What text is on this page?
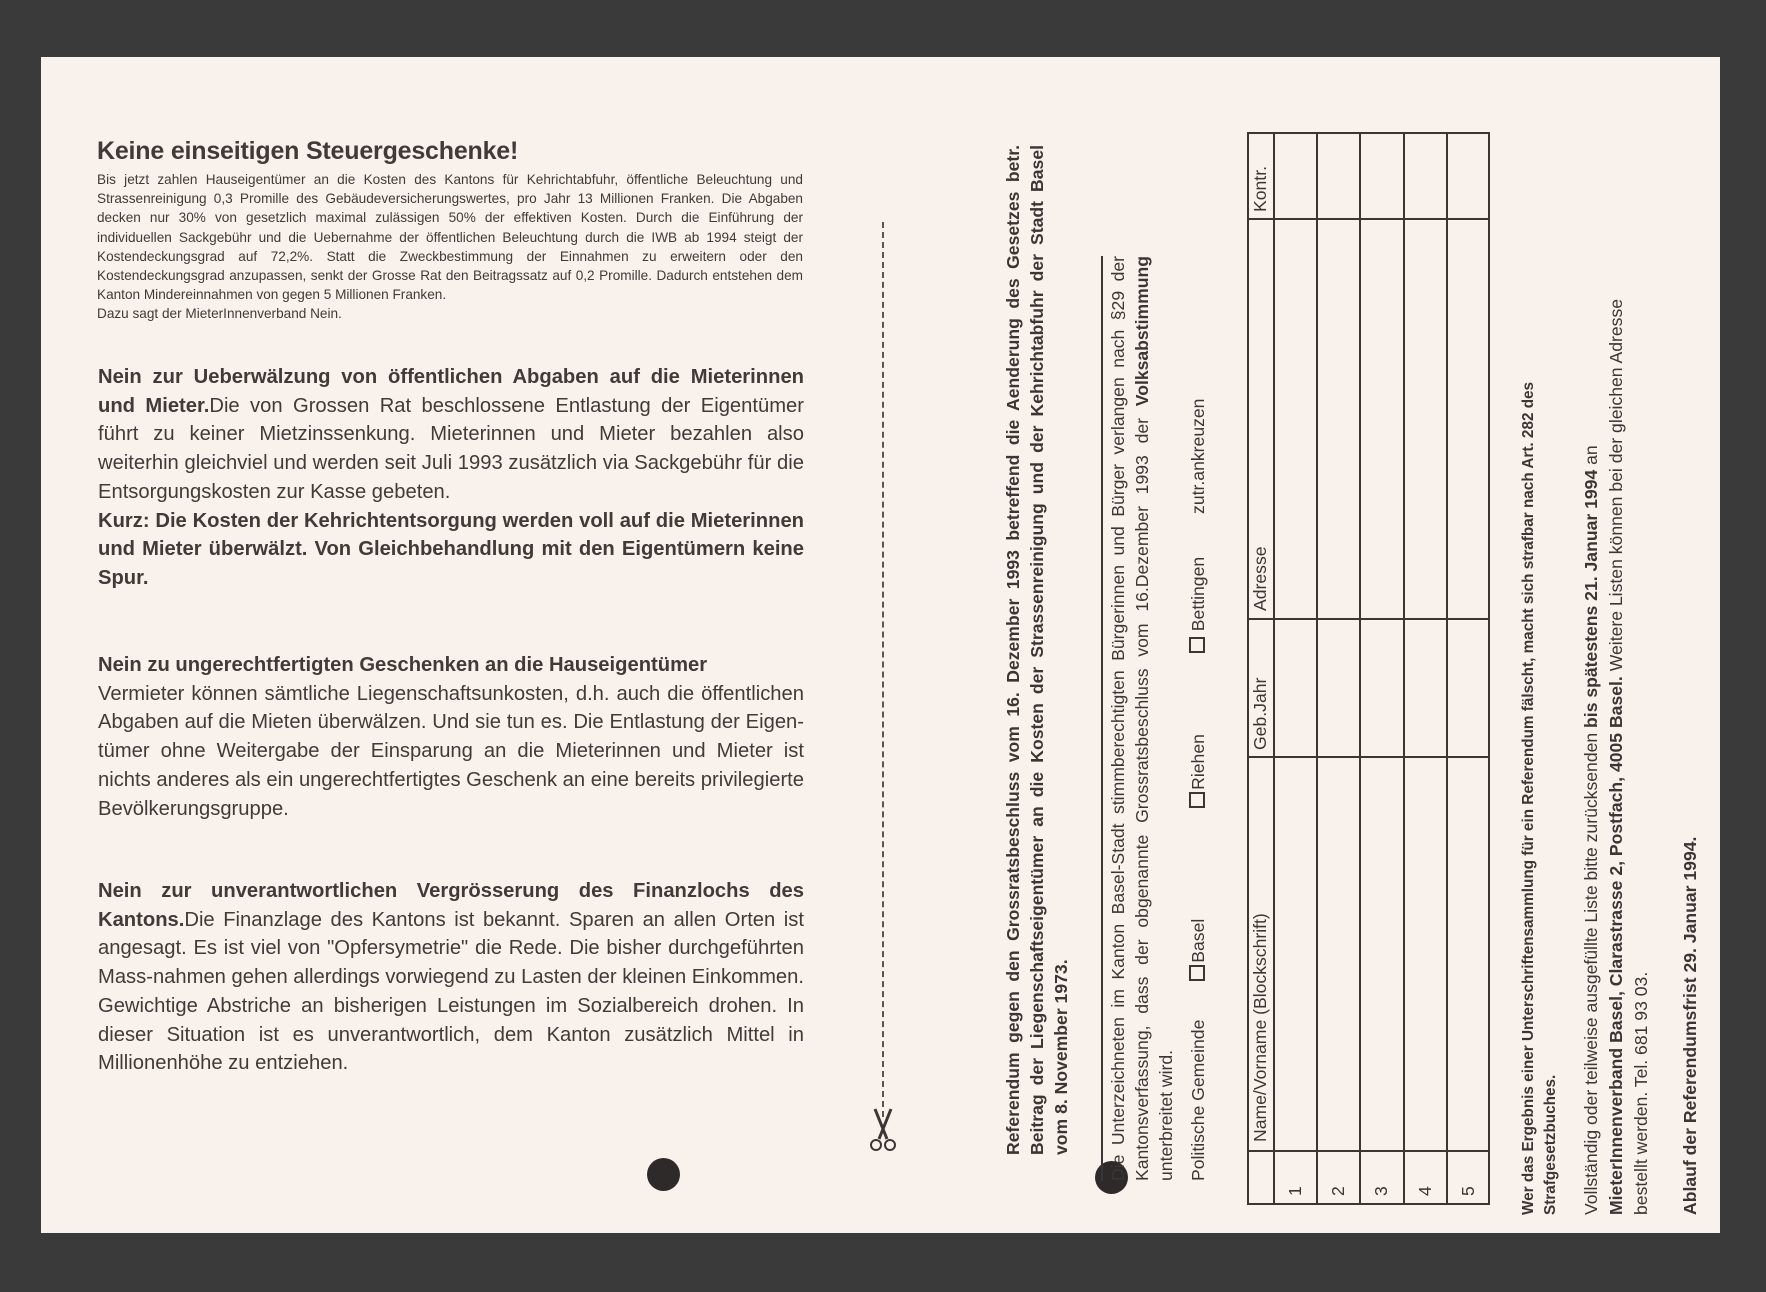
Keine einseitigen Steuergeschenke!

Bis jetzt zahlen Hauseigentümer an die Kosten des Kantons für Kehrichtabfuhr, öffentliche Beleuchtung und Strassenreinigung 0,3 Promille des Gebäudeversicherungswertes, pro Jahr 13 Millionen Franken. Die Abgaben decken nur 30% von gesetzlich maximal zulässigen 50% der effektiven Kosten. Durch die Einführung der individuellen Sackgebühr und die Uebernahme der öffentlichen Beleuchtung durch die IWB ab 1994 steigt der Kostendeckungsgrad auf 72,2%. Statt die Zweckbestimmung der Einnahmen zu erweitern oder den Kostendeckungsgrad anzupassen, senkt der Grosse Rat den Beitragssatz auf 0,2 Promille. Dadurch entstehen dem Kanton Mindereinnahmen von gegen 5 Millionen Franken.

Dazu sagt der MieterInnenverband Nein.

Nein zur Ueberwälzung von öffentlichen Abgaben auf die Mieterinnen und Mieter.Die von Grossen Rat beschlossene Entlastung der Eigentümer führt zu keiner Mietzinssenkung. Mieterinnen und Mieter bezahlen also weiterhin gleichviel und werden seit Juli 1993 zusätzlich via Sackgebühr für die Entsorgungskosten zur Kasse gebeten.

Kurz: Die Kosten der Kehrichtentsorgung werden voll auf die Mieterinnen und Mieter überwälzt. Von Gleichbehandlung mit den Eigentümern keine Spur.

Nein zu ungerechtfertigten Geschenken an die Hauseigentümer

Vermieter können sämtliche Liegenschaftsunkosten, d.h. auch die öffentlichen Abgaben auf die Mieten überwälzen. Und sie tun es. Die Entlastung der Eigen-tümer ohne Weitergabe der Einsparung an die Mieterinnen und Mieter ist nichts anderes als ein ungerechtfertigtes Geschenk an eine bereits privilegierte Bevölkerungsgruppe.

Nein zur unverantwortlichen Vergrösserung des Finanzlochs des Kantons.Die Finanzlage des Kantons ist bekannt. Sparen an allen Orten ist angesagt. Es ist viel von "Opfersymetrie" die Rede. Die bisher durchgeführten Mass-nahmen gehen allerdings vorwiegend zu Lasten der kleinen Einkommen. Gewichtige Abstriche an bisherigen Leistungen im Sozialbereich drohen. In dieser Situation ist es unverantwortlich, dem Kanton zusätzlich Mittel in Millionenhöhe zu entziehen.	Referendum gegen den Grossratsbeschluss vom 16. Dezember 1993 betreffend die Aenderung des Gesetzes betr. Beitrag der Liegenschaftseigentümer an die Kosten der Strassenreinigung und der Kehrichtabfuhr der Stadt Basel vom 8. November 1973. Die Unterzeichneten im Kanton Basel-Stadt stimmberechtigten Bürgerinnen und Bürger verlangen nach §29 der Kantonsverfassung, dass der obgenannte Grossratsbeschluss vom 16.Dezember 1993 der Volksabstimmung
unterbreitet wird. Politische Gemeinde Basel Riehen Bettingen zutr.ankreuzen
Name/Vorname (Blockschrift)
Geb.Jahr
Adresse
Kontr.
1 2 3 4 5	Wer das Ergebnis einer Unterschriftensammlung für ein Referendum fälscht, macht sich strafbar nach Art. 282 des Strafgesetzbuches. Vollständig oder teilweise ausgefüllte Liste bitte zurücksenden bis spätestens 21. Januar 1994 an
MieterInnenverband Basel, Clarastrasse 2, Postfach, 4005 Basel. Weitere Listen können bei der gleichen Adresse
bestellt werden. Tel. 681 93 03. Ablauf der Referendumsfrist 29. Januar 1994.
